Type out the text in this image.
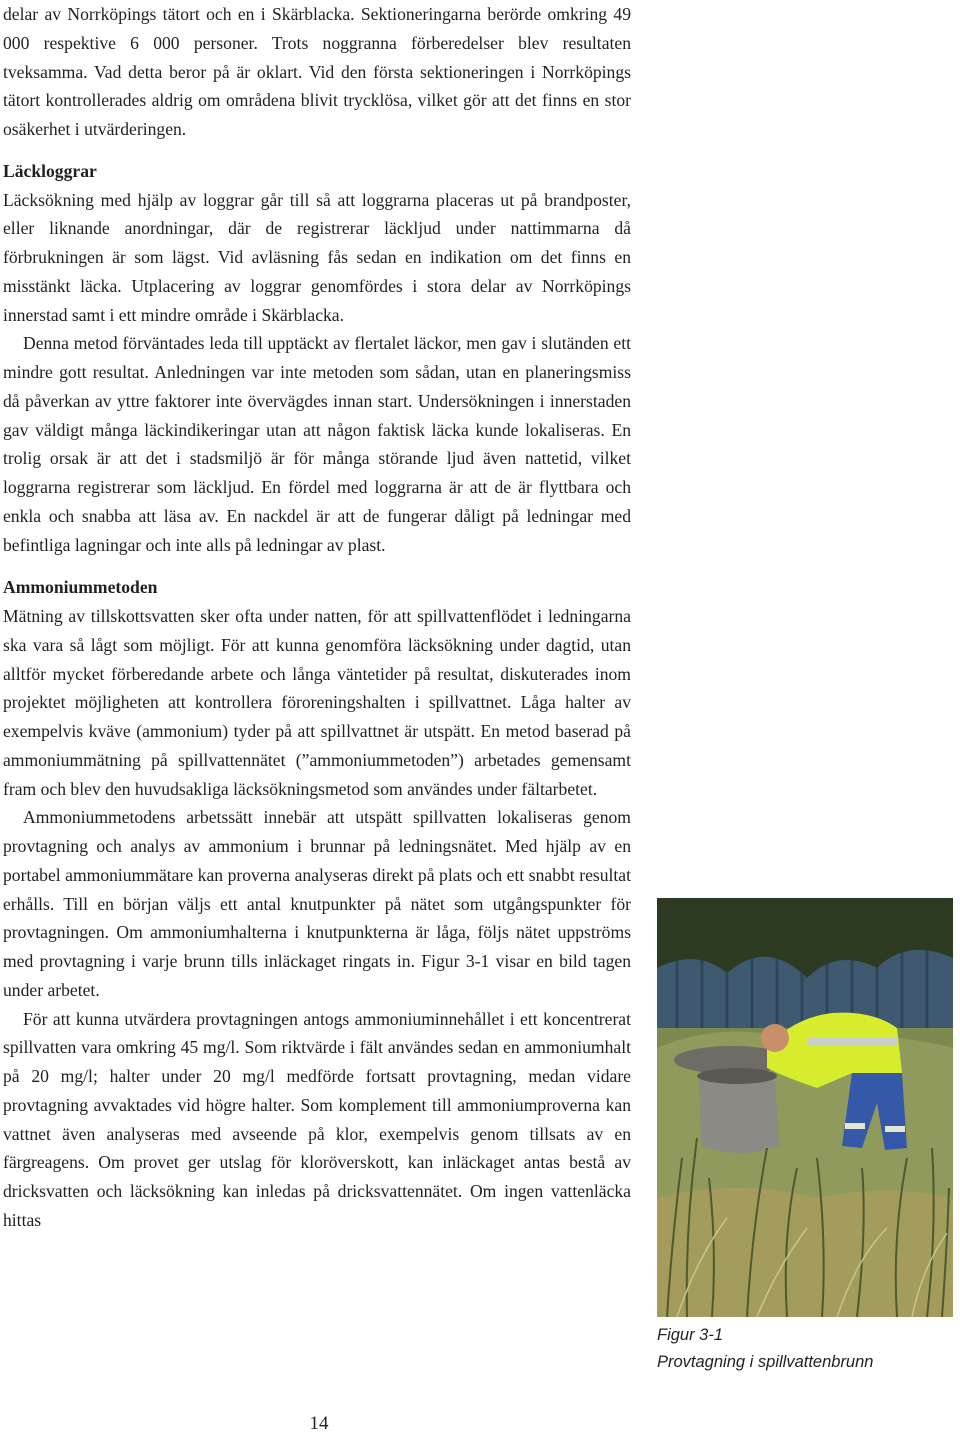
delar av Norrköpings tätort och en i Skärblacka. Sektioneringarna berörde omkring 49 000 respektive 6 000 personer. Trots noggranna förberedelser blev resultaten tveksamma. Vad detta beror på är oklart. Vid den första sektioneringen i Norrköpings tätort kontrollerades aldrig om områdena blivit trycklösa, vilket gör att det finns en stor osäkerhet i utvärderingen.

Läckloggrar

Läcksökning med hjälp av loggrar går till så att loggrarna placeras ut på brandposter, eller liknande anordningar, där de registrerar läckljud under nattimmarna då förbrukningen är som lägst. Vid avläsning fås sedan en indikation om det finns en misstänkt läcka. Utplacering av loggrar genomfördes i stora delar av Norrköpings innerstad samt i ett mindre område i Skärblacka.

Denna metod förväntades leda till upptäckt av flertalet läckor, men gav i slutänden ett mindre gott resultat. Anledningen var inte metoden som sådan, utan en planeringsmiss då påverkan av yttre faktorer inte övervägdes innan start. Undersökningen i innerstaden gav väldigt många läckindikeringar utan att någon faktisk läcka kunde lokaliseras. En trolig orsak är att det i stadsmiljö är för många störande ljud även nattetid, vilket loggrarna registrerar som läckljud. En fördel med loggrarna är att de är flyttbara och enkla och snabba att läsa av. En nackdel är att de fungerar dåligt på ledningar med befintliga lagningar och inte alls på ledningar av plast.

Ammoniummetoden

Mätning av tillskottsvatten sker ofta under natten, för att spillvattenflödet i ledningarna ska vara så lågt som möjligt. För att kunna genomföra läcksökning under dagtid, utan alltför mycket förberedande arbete och långa väntetider på resultat, diskuterades inom projektet möjligheten att kontrollera föroreningshalten i spillvattnet. Låga halter av exempelvis kväve (ammonium) tyder på att spillvattnet är utspätt. En metod baserad på ammoniummätning på spillvattennätet (”ammoniummetoden”) arbetades gemensamt fram och blev den huvudsakliga läcksökningsmetod som användes under fältarbetet.

Ammoniummetodens arbetssätt innebär att utspätt spillvatten lokaliseras genom provtagning och analys av ammonium i brunnar på ledningsnätet. Med hjälp av en portabel ammoniummätare kan proverna analyseras direkt på plats och ett snabbt resultat erhålls. Till en början väljs ett antal knutpunkter på nätet som utgångspunkter för provtagningen. Om ammoniumhalterna i knutpunkterna är låga, följs nätet uppströms med provtagning i varje brunn tills inläckaget ringats in. Figur 3-1 visar en bild tagen under arbetet.

För att kunna utvärdera provtagningen antogs ammoniuminnehållet i ett koncentrerat spillvatten vara omkring 45 mg/l. Som riktvärde i fält användes sedan en ammoniumhalt på 20 mg/l; halter under 20 mg/l medförde fortsatt provtagning, medan vidare provtagning avvaktades vid högre halter. Som komplement till ammoniumproverna kan vattnet även analyseras med avseende på klor, exempelvis genom tillsats av en färgreagens. Om provet ger utslag för kloröverskott, kan inläckaget antas bestå av dricksvatten och läcksökning kan inledas på dricksvattennätet. Om ingen vattenläcka hittas

Figur 3-1
Provtagning i spillvattenbrunn
14
